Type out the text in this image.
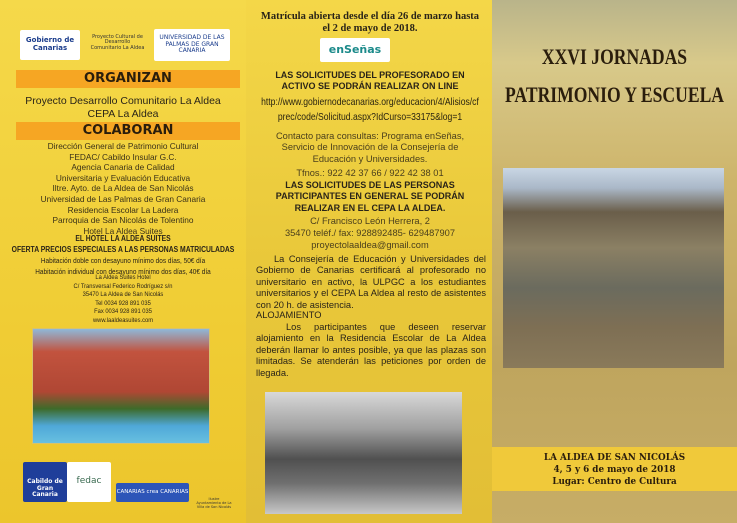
Gobierno de Canarias
Proyecto Cultural de Desarrollo Comunitario La Aldea
UNIVERSIDAD DE LAS PALMAS DE GRAN CANARIA
ORGANIZAN
Proyecto Desarrollo Comunitario La Aldea
CEPA La Aldea
COLABORAN
Dirección General de Patrimonio Cultural
FEDAC/ Cabildo Insular G.C.
Agencia Canaria de Calidad
Universitaria y Evaluación Educativa
Iltre. Ayto. de La Aldea de San Nicolás
Universidad de Las Palmas de Gran Canaria
Residencia Escolar La Ladera
Parroquia de San Nicolás de Tolentino
Hotel La Aldea Suites
EL HOTEL LA ALDEA SUITES
OFERTA PRECIOS ESPECIALES A LAS PERSONAS MATRICULADAS
Habitación doble con desayuno mínimo dos días, 50€ día
Habitación individual con desayuno mínimo dos días, 40€ día
La Aldea Suites Hotel
C/ Transversal Federico Rodríguez s/n
35470 La Aldea de San Nicolás
Tel 0034 928 891 035
Fax 0034 928 891 035
www.laaldeasuites.com
Cabildo de Gran Canaria
fedac
CANARIAS crea CANARIAS
Ilustre Ayuntamiento de La Villa de San Nicolás
Matrícula abierta desde el día 26 de marzo hasta el 2 de mayo de 2018.
enSeñas
LAS SOLICITUDES DEL PROFESORADO EN ACTIVO SE PODRÁN REALIZAR ON LINE
http://www.gobiernodecanarias.org/educacion/4/Alisios/cfprec/code/Solicitud.aspx?IdCurso=33175&log=1
Contacto para consultas: Programa enSeñas, Servicio de Innovación de la Consejería de Educación y Universidades.
Tfnos.: 922 42 37 66 / 922 42 38 01
LAS SOLICITUDES DE LAS PERSONAS PARTICIPANTES EN GENERAL SE PODRÁN REALIZAR EN EL CEPA LA ALDEA.
C/ Francisco León Herrera, 2
35470 teléf./ fax: 928892485- 629487907
proyectolaaldea@gmail.com
La Consejería de Educación y Universidades del Gobierno de Canarias certificará al profesorado no universitario en activo, la ULPGC a los estudiantes universitarios y el CEPA La Aldea al resto de asistentes con 20 h. de asistencia.
ALOJAMIENTO
Los participantes que deseen reservar alojamiento en la Residencia Escolar de La Aldea deberán llamar lo antes posible, ya que las plazas son limitadas. Se atenderán las peticiones por orden de llegada.
XXVI JORNADAS
PATRIMONIO Y ESCUELA
LA ALDEA DE SAN NICOLÁS
4, 5 y 6 de mayo de 2018
Lugar: Centro de Cultura
